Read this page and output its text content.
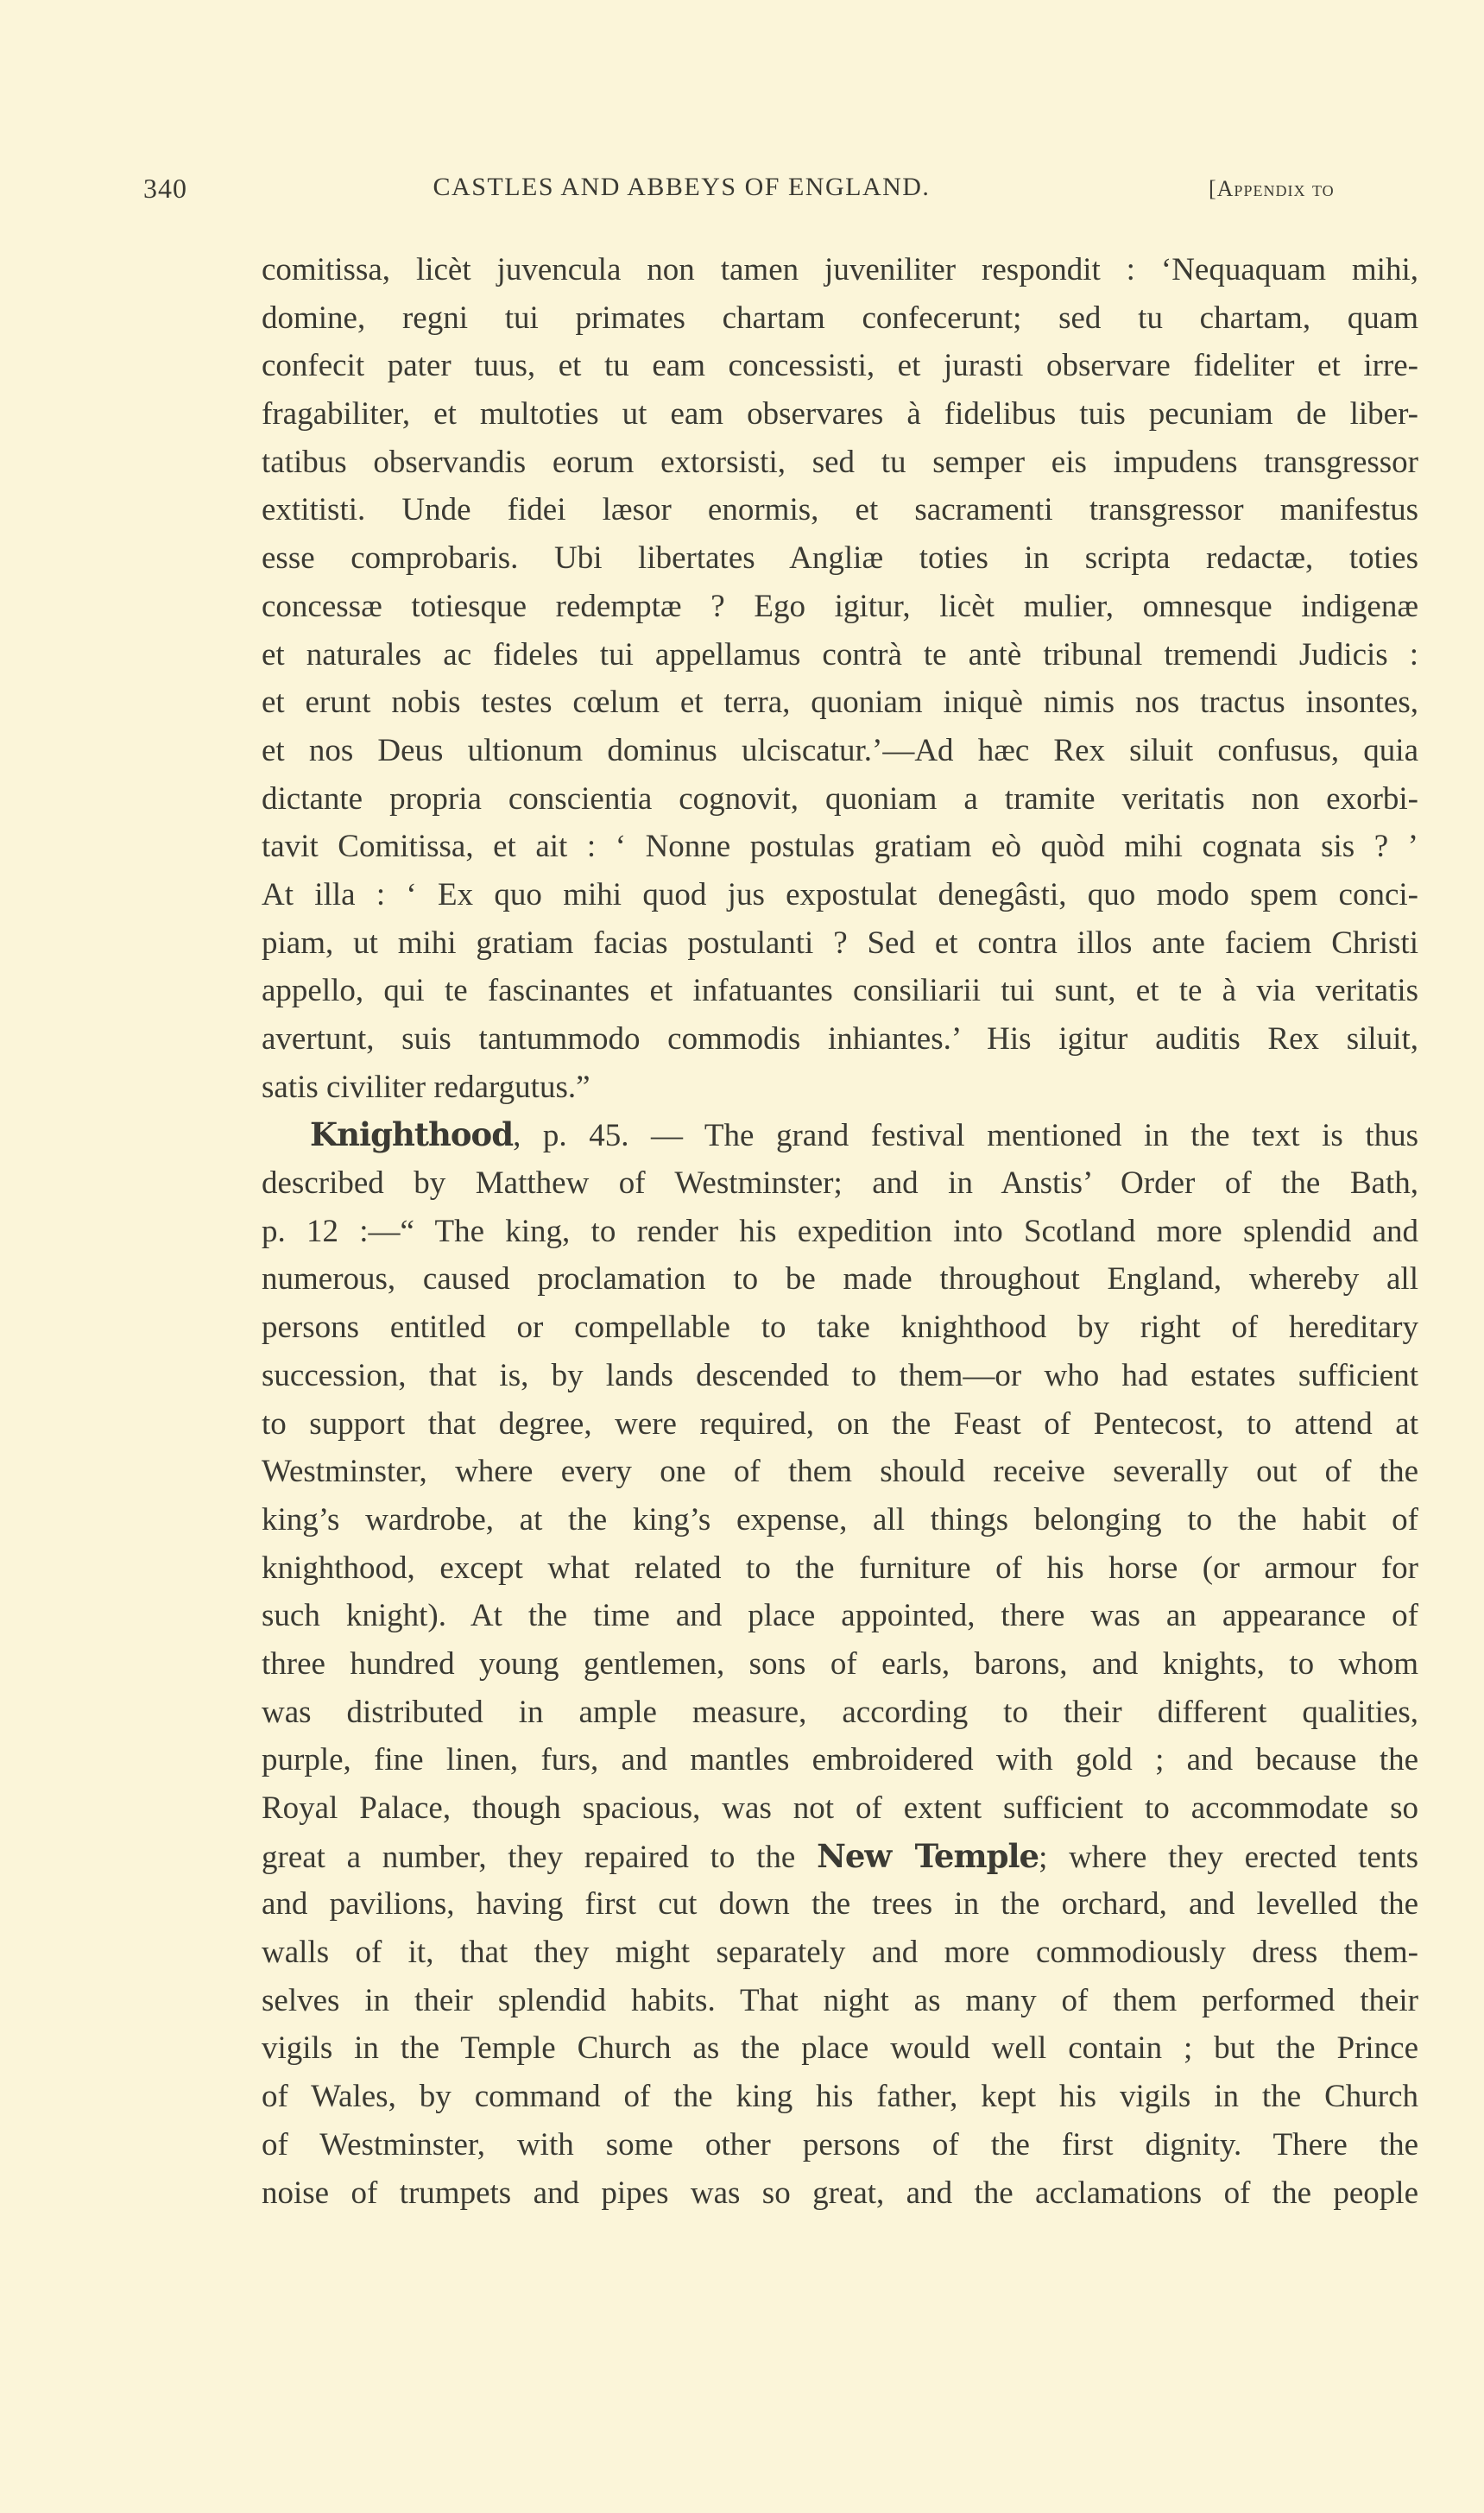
340	CASTLES AND ABBEYS OF ENGLAND.	[Appendix to
comitissa, licèt juvencula non tamen juveniliter respondit : ‘Nequaquam mihi,
domine, regni tui primates chartam confecerunt; sed tu chartam, quam
confecit pater tuus, et tu eam concessisti, et jurasti observare fideliter et irre-
fragabiliter, et multoties ut eam observares à fidelibus tuis pecuniam de liber-
tatibus observandis eorum extorsisti, sed tu semper eis impudens transgressor
extitisti. Unde fidei læsor enormis, et sacramenti transgressor manifestus
esse comprobaris. Ubi libertates Angliæ toties in scripta redactæ, toties
concessæ totiesque redemptæ ? Ego igitur, licèt mulier, omnesque indigenæ
et naturales ac fideles tui appellamus contrà te antè tribunal tremendi Judicis :
et erunt nobis testes cœlum et terra, quoniam iniquè nimis nos tractus insontes,
et nos Deus ultionum dominus ulciscatur.’—Ad hæc Rex siluit confusus, quia
dictante propria conscientia cognovit, quoniam a tramite veritatis non exorbi-
tavit Comitissa, et ait : ‘ Nonne postulas gratiam eò quòd mihi cognata sis ? ’
At illa : ‘ Ex quo mihi quod jus expostulat denegâsti, quo modo spem conci-
piam, ut mihi gratiam facias postulanti ? Sed et contra illos ante faciem Christi
appello, qui te fascinantes et infatuantes consiliarii tui sunt, et te à via veritatis
avertunt, suis tantummodo commodis inhiantes.’ His igitur auditis Rex siluit,
satis civiliter redargutus.”
Knighthood, p. 45. — The grand festival mentioned in the text is thus
described by Matthew of Westminster; and in Anstis’ Order of the Bath,
p. 12 :—“ The king, to render his expedition into Scotland more splendid and
numerous, caused proclamation to be made throughout England, whereby all
persons entitled or compellable to take knighthood by right of hereditary
succession, that is, by lands descended to them—or who had estates sufficient
to support that degree, were required, on the Feast of Pentecost, to attend at
Westminster, where every one of them should receive severally out of the
king’s wardrobe, at the king’s expense, all things belonging to the habit of
knighthood, except what related to the furniture of his horse (or armour for
such knight). At the time and place appointed, there was an appearance of
three hundred young gentlemen, sons of earls, barons, and knights, to whom
was distributed in ample measure, according to their different qualities,
purple, fine linen, furs, and mantles embroidered with gold ; and because the
Royal Palace, though spacious, was not of extent sufficient to accommodate so
great a number, they repaired to the New Temple; where they erected tents
and pavilions, having first cut down the trees in the orchard, and levelled the
walls of it, that they might separately and more commodiously dress them-
selves in their splendid habits. That night as many of them performed their
vigils in the Temple Church as the place would well contain ; but the Prince
of Wales, by command of the king his father, kept his vigils in the Church
of Westminster, with some other persons of the first dignity. There the
noise of trumpets and pipes was so great, and the acclamations of the people
